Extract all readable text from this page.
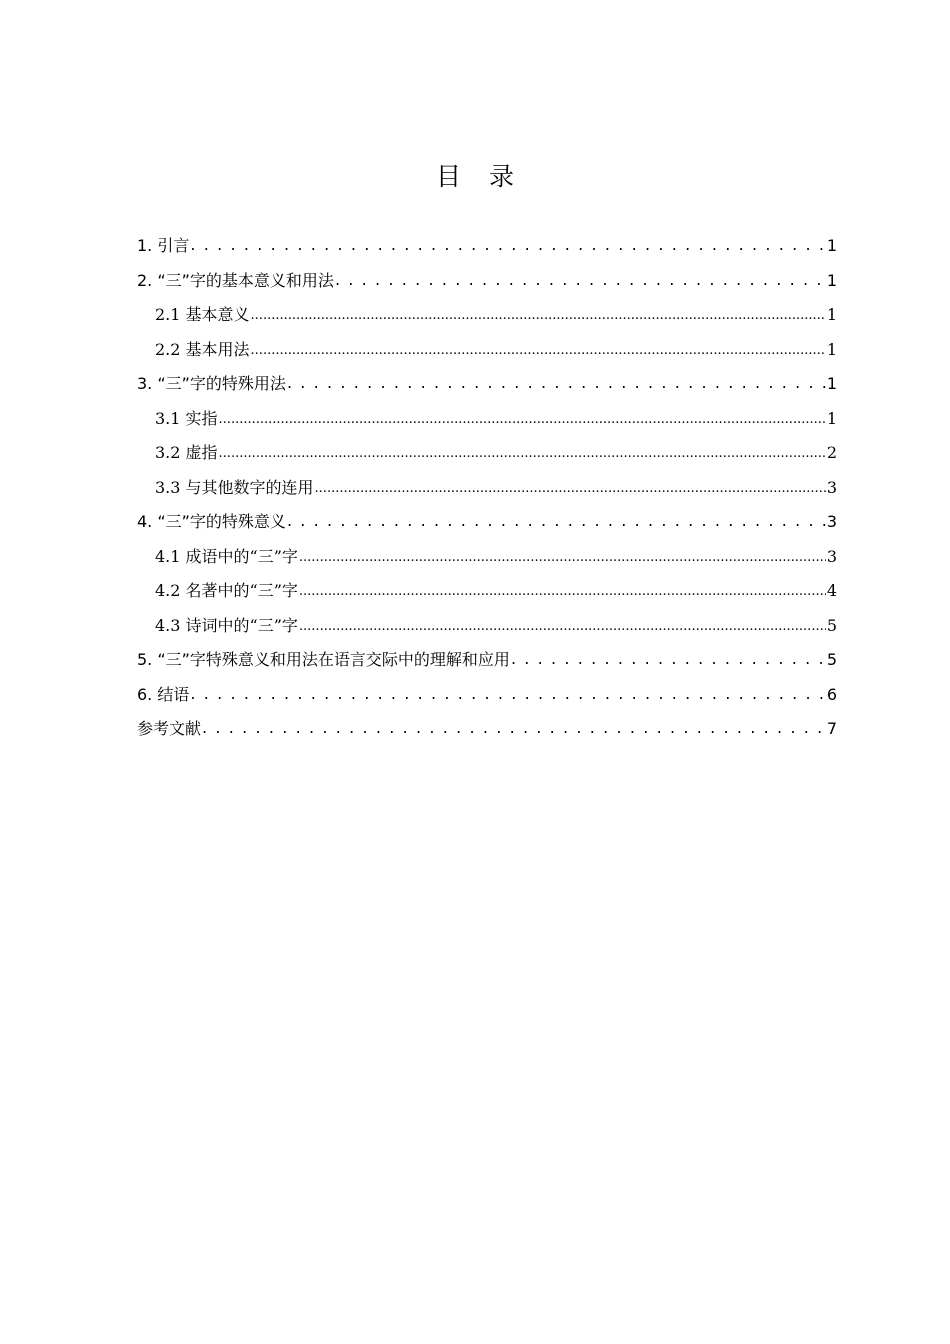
目 录
1. 引言 . . .	1
2. “三”字的基本意义和用法 . . .	1
2.1 基本意义 .....	1
2.2 基本用法 .....	1
3. “三”字的特殊用法 . . .	1
3.1 实指 .....	1
3.2 虚指 .....	2
3.3 与其他数字的连用 .....	3
4. “三”字的特殊意义 . . .	3
4.1 成语中的“三”字 .....	3
4.2 名著中的“三”字 .....	4
4.3 诗词中的“三”字 .....	5
5. “三”字特殊意义和用法在语言交际中的理解和应用 . . .	5
6. 结语 . . .	6
参考文献 . . .	7
